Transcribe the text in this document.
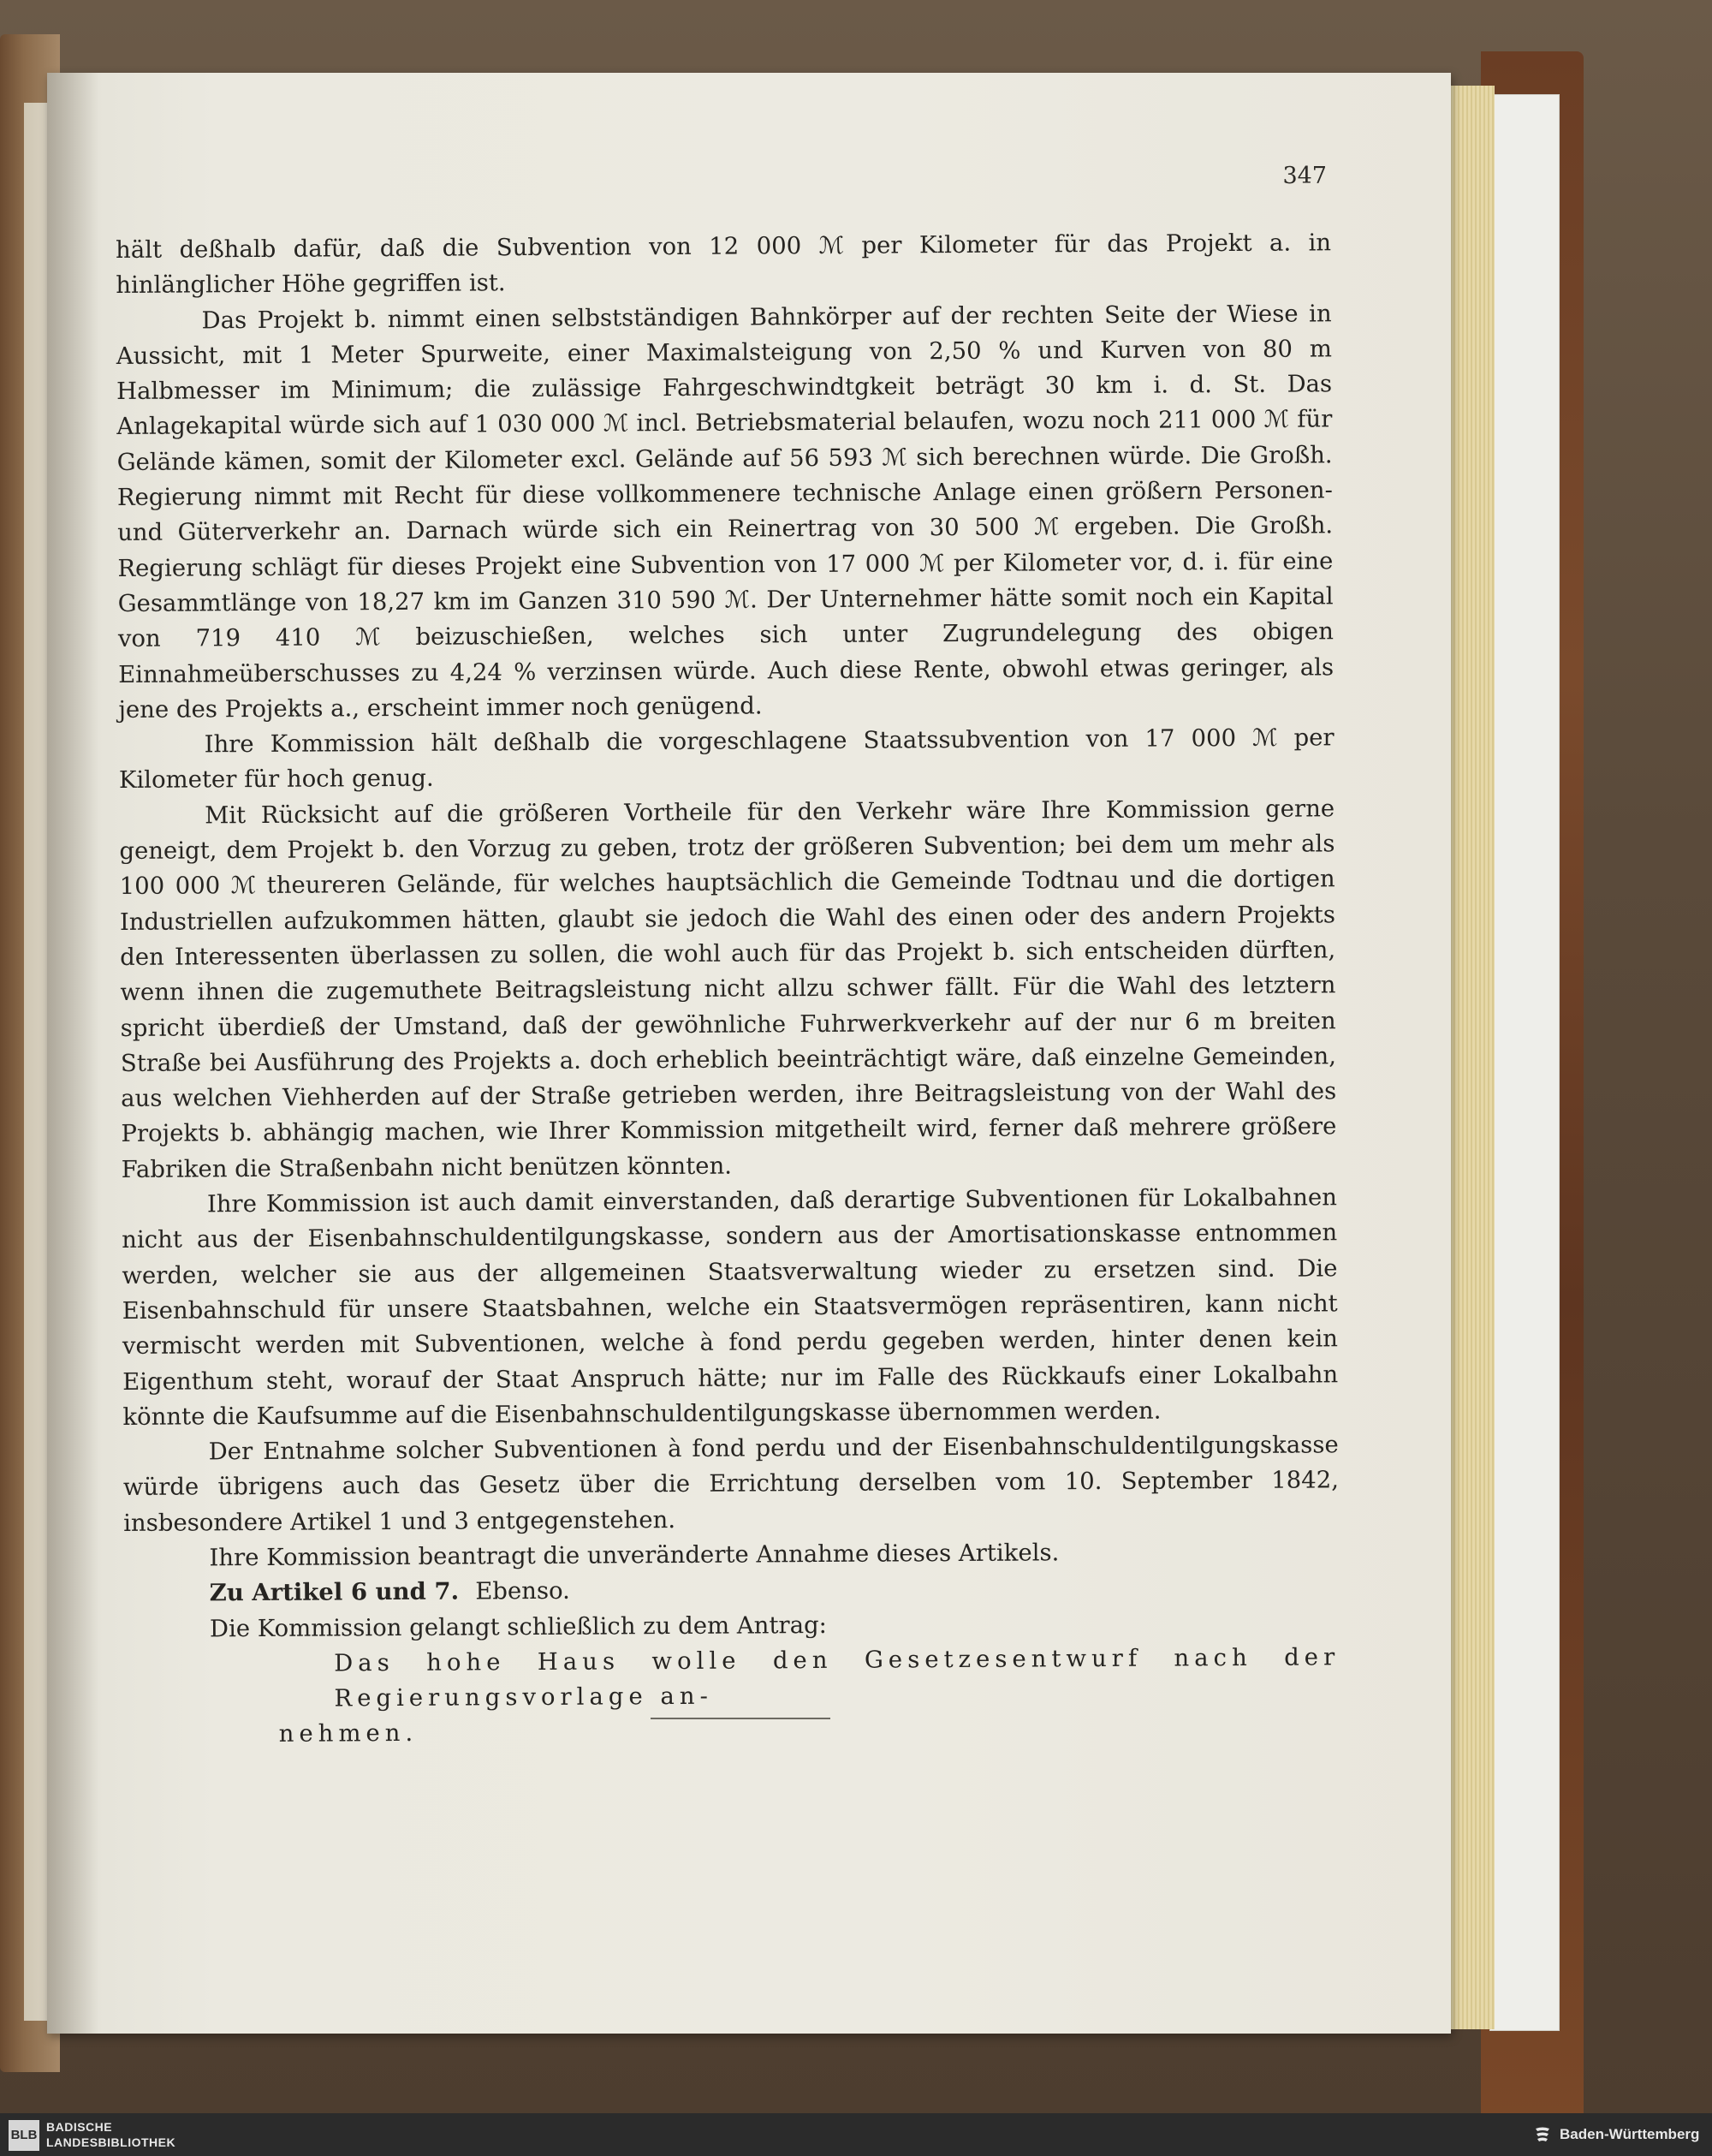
347

hält deßhalb dafür, daß die Subvention von 12 000 ℳ per Kilometer für das Projekt a. in hinlänglicher Höhe gegriffen ist.

Das Projekt b. nimmt einen selbstständigen Bahnkörper auf der rechten Seite der Wiese in Aussicht, mit 1 Meter Spurweite, einer Maximalsteigung von 2,50 % und Kurven von 80 m Halbmesser im Minimum; die zulässige Fahrgeschwindtgkeit beträgt 30 km i. d. St. Das Anlagekapital würde sich auf 1 030 000 ℳ incl. Betriebsmaterial belaufen, wozu noch 211 000 ℳ für Gelände kämen, somit der Kilometer excl. Gelände auf 56 593 ℳ sich berechnen würde. Die Großh. Regierung nimmt mit Recht für diese vollkommenere technische Anlage einen größern Personen- und Güterverkehr an. Darnach würde sich ein Reinertrag von 30 500 ℳ ergeben. Die Großh. Regierung schlägt für dieses Projekt eine Subvention von 17 000 ℳ per Kilometer vor, d. i. für eine Gesammtlänge von 18,27 km im Ganzen 310 590 ℳ. Der Unternehmer hätte somit noch ein Kapital von 719 410 ℳ beizuschießen, welches sich unter Zugrundelegung des obigen Einnahmeüberschusses zu 4,24 % verzinsen würde. Auch diese Rente, obwohl etwas geringer, als jene des Projekts a., erscheint immer noch genügend.

Ihre Kommission hält deßhalb die vorgeschlagene Staatssubvention von 17 000 ℳ per Kilometer für hoch genug.

Mit Rücksicht auf die größeren Vortheile für den Verkehr wäre Ihre Kommission gerne geneigt, dem Projekt b. den Vorzug zu geben, trotz der größeren Subvention; bei dem um mehr als 100 000 ℳ theureren Gelände, für welches hauptsächlich die Gemeinde Todtnau und die dortigen Industriellen aufzukommen hätten, glaubt sie jedoch die Wahl des einen oder des andern Projekts den Interessenten überlassen zu sollen, die wohl auch für das Projekt b. sich entscheiden dürften, wenn ihnen die zugemuthete Beitragsleistung nicht allzu schwer fällt. Für die Wahl des letztern spricht überdieß der Umstand, daß der gewöhnliche Fuhrwerkverkehr auf der nur 6 m breiten Straße bei Ausführung des Projekts a. doch erheblich beeinträchtigt wäre, daß einzelne Gemeinden, aus welchen Viehherden auf der Straße getrieben werden, ihre Beitragsleistung von der Wahl des Projekts b. abhängig machen, wie Ihrer Kommission mitgetheilt wird, ferner daß mehrere größere Fabriken die Straßenbahn nicht benützen könnten.

Ihre Kommission ist auch damit einverstanden, daß derartige Subventionen für Lokalbahnen nicht aus der Eisenbahnschuldentilgungskasse, sondern aus der Amortisationskasse entnommen werden, welcher sie aus der allgemeinen Staatsverwaltung wieder zu ersetzen sind. Die Eisenbahnschuld für unsere Staatsbahnen, welche ein Staatsvermögen repräsentiren, kann nicht vermischt werden mit Subventionen, welche à fond perdu gegeben werden, hinter denen kein Eigenthum steht, worauf der Staat Anspruch hätte; nur im Falle des Rückkaufs einer Lokalbahn könnte die Kaufsumme auf die Eisenbahnschuldentilgungskasse übernommen werden.

Der Entnahme solcher Subventionen à fond perdu und der Eisenbahnschuldentilgungskasse würde übrigens auch das Gesetz über die Errichtung derselben vom 10. September 1842, insbesondere Artikel 1 und 3 entgegenstehen.

Ihre Kommission beantragt die unveränderte Annahme dieses Artikels.

Zu Artikel 6 und 7. Ebenso.

Die Kommission gelangt schließlich zu dem Antrag:

Das hohe Haus wolle den Gesetzesentwurf nach der Regierungsvorlage an-

nehmen.

BLB
BADISCHE
LANDESBIBLIOTHEK	Baden-Württemberg
